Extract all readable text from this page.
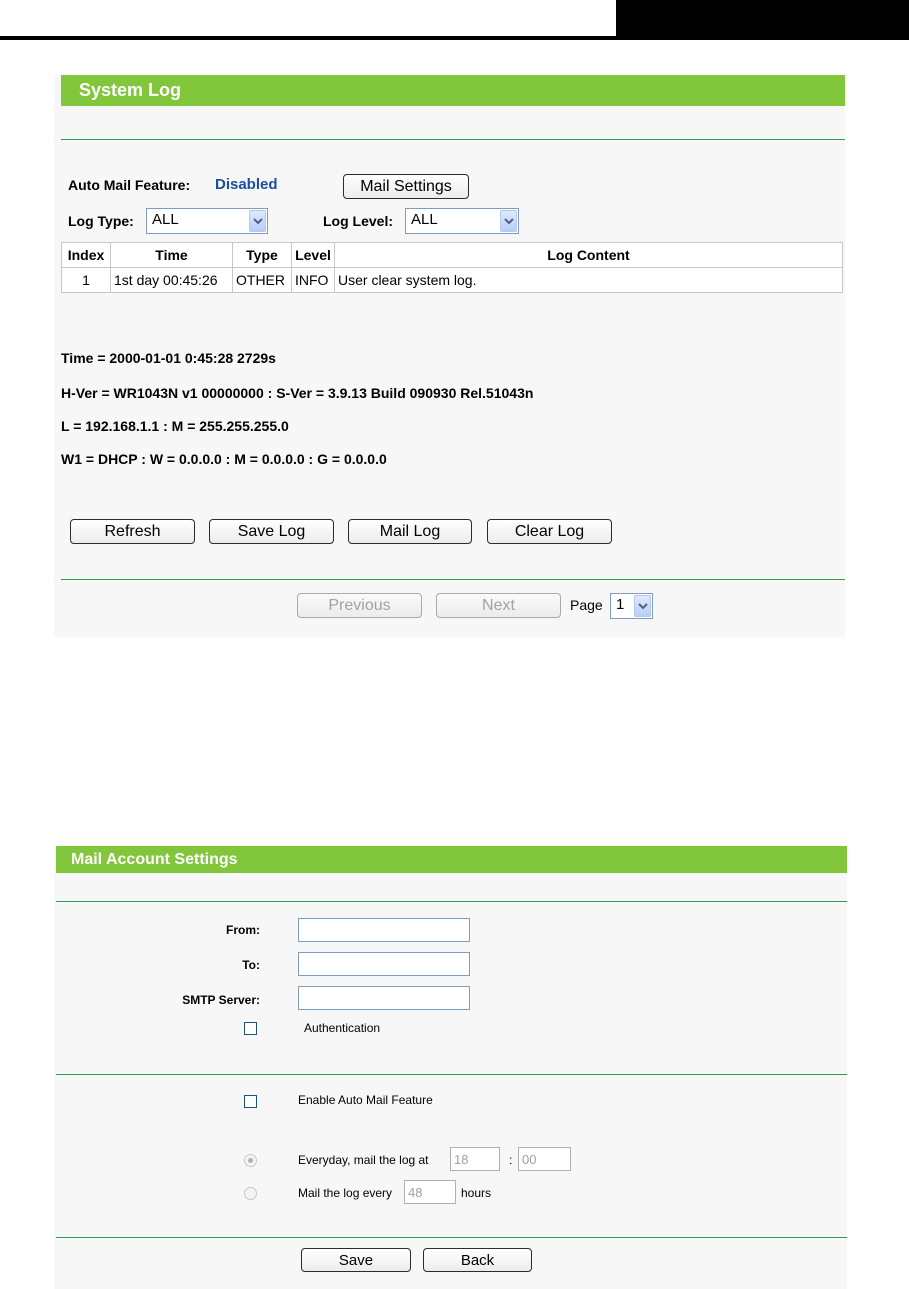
System Log
Auto Mail Feature: Disabled	Mail Settings
Log Type: ALL	Log Level: ALL
Index	Time	Type	Level	Log Content
1	1st day 00:45:26	OTHER	INFO	User clear system log.
Time = 2000-01-01 0:45:28 2729s
H-Ver = WR1043N v1 00000000 : S-Ver = 3.9.13 Build 090930 Rel.51043n
L = 192.168.1.1 : M = 255.255.255.0
W1 = DHCP : W = 0.0.0.0 : M = 0.0.0.0 : G = 0.0.0.0
Refresh	Save Log	Mail Log	Clear Log
Previous	Next	Page 1
Mail Account Settings
From:
To:
SMTP Server:
Authentication
Enable Auto Mail Feature
Everyday, mail the log at
18	:
00
Mail the log every
48	hours
Save	Back
